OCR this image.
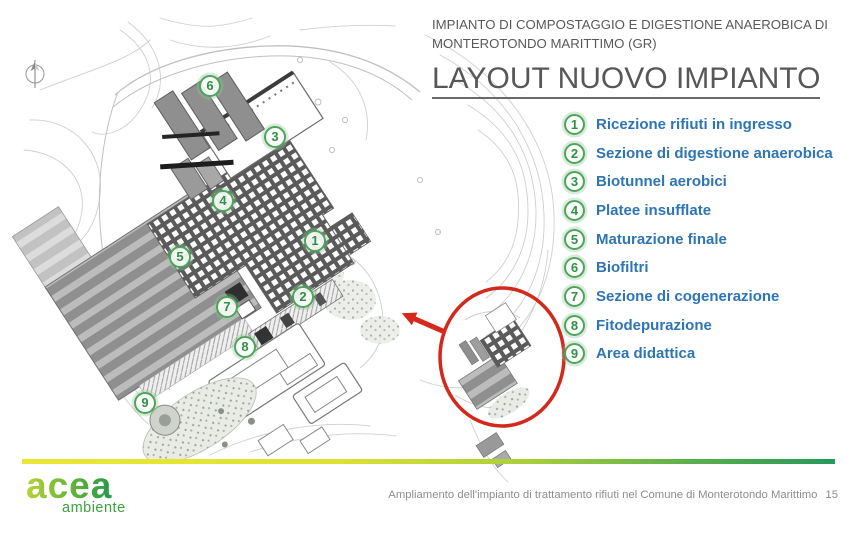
1
2
3
4
5
6
7
8
9
IMPIANTO DI COMPOSTAGGIO E DIGESTIONE ANAEROBICA DI
MONTEROTONDO MARITTIMO (GR)
LAYOUT NUOVO IMPIANTO
1	Ricezione rifiuti in ingresso
2	Sezione di digestione anaerobica
3	Biotunnel aerobici
4	Platee insufflate
5	Maturazione finale
6	Biofiltri
7	Sezione di cogenerazione
8	Fitodepurazione
9	Area didattica
acea
ambiente
Ampliamento dell'impianto di trattamento rifiuti nel Comune di Monterotondo Marittimo 15
